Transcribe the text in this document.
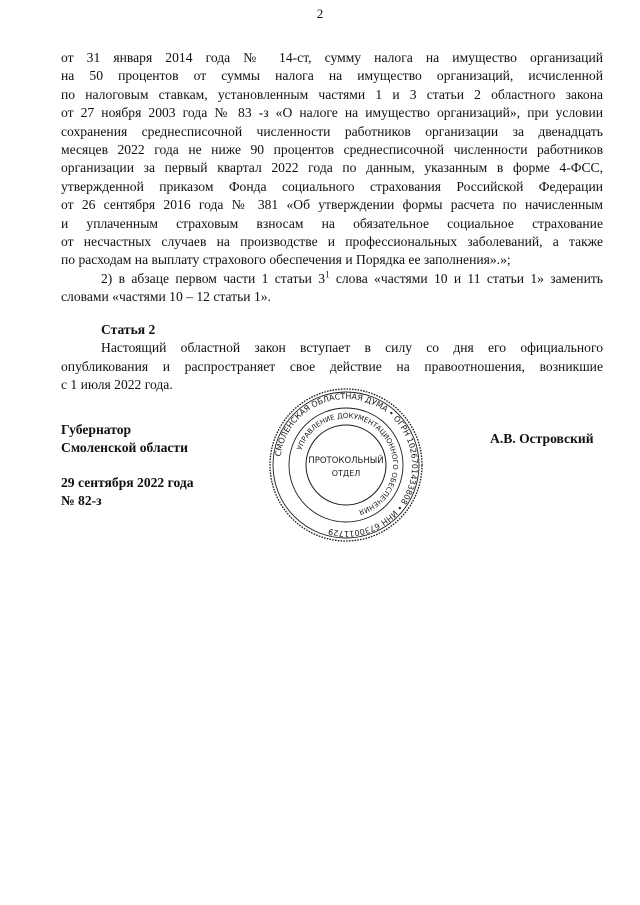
2
от 31 января 2014 года № 14-ст, сумму налога на имущество организаций
на 50 процентов от суммы налога на имущество организаций, исчисленной
по налоговым ставкам, установленным частями 1 и 3 статьи 2 областного закона
от 27 ноября 2003 года № 83 -з «О налоге на имущество организаций», при условии
сохранения среднесписочной численности работников организации за двенадцать
месяцев 2022 года не ниже 90 процентов среднесписочной численности работников
организации за первый квартал 2022 года по данным, указанным в форме 4-ФСС,
утвержденной приказом Фонда социального страхования Российской Федерации
от 26 сентября 2016 года № 381 «Об утверждении формы расчета по начисленным
и уплаченным страховым взносам на обязательное социальное страхование
от несчастных случаев на производстве и профессиональных заболеваний, а также
по расходам на выплату страхового обеспечения и Порядка ее заполнения».»;
2) в абзаце первом части 1 статьи $3^1$ слова «частями 10 и 11 статьи 1» заменить
словами «частями 10 – 12 статьи 1».
Статья 2
Настоящий областной закон вступает в силу со дня его официального
опубликования и распространяет свое действие на правоотношения, возникшие
с 1 июля 2022 года.
Губернатор
Смоленской области
29 сентября 2022 года
№ 82-з
А.В. Островский
СМОЛЕНСКАЯ ОБЛАСТНАЯ ДУМА • ОГРН 1026701433808 • ИНН 6730011729
УПРАВЛЕНИЕ ДОКУМЕНТАЦИОННОГО ОБЕСПЕЧЕНИЯ
ПРОТОКОЛЬНЫЙ
ОТДЕЛ
